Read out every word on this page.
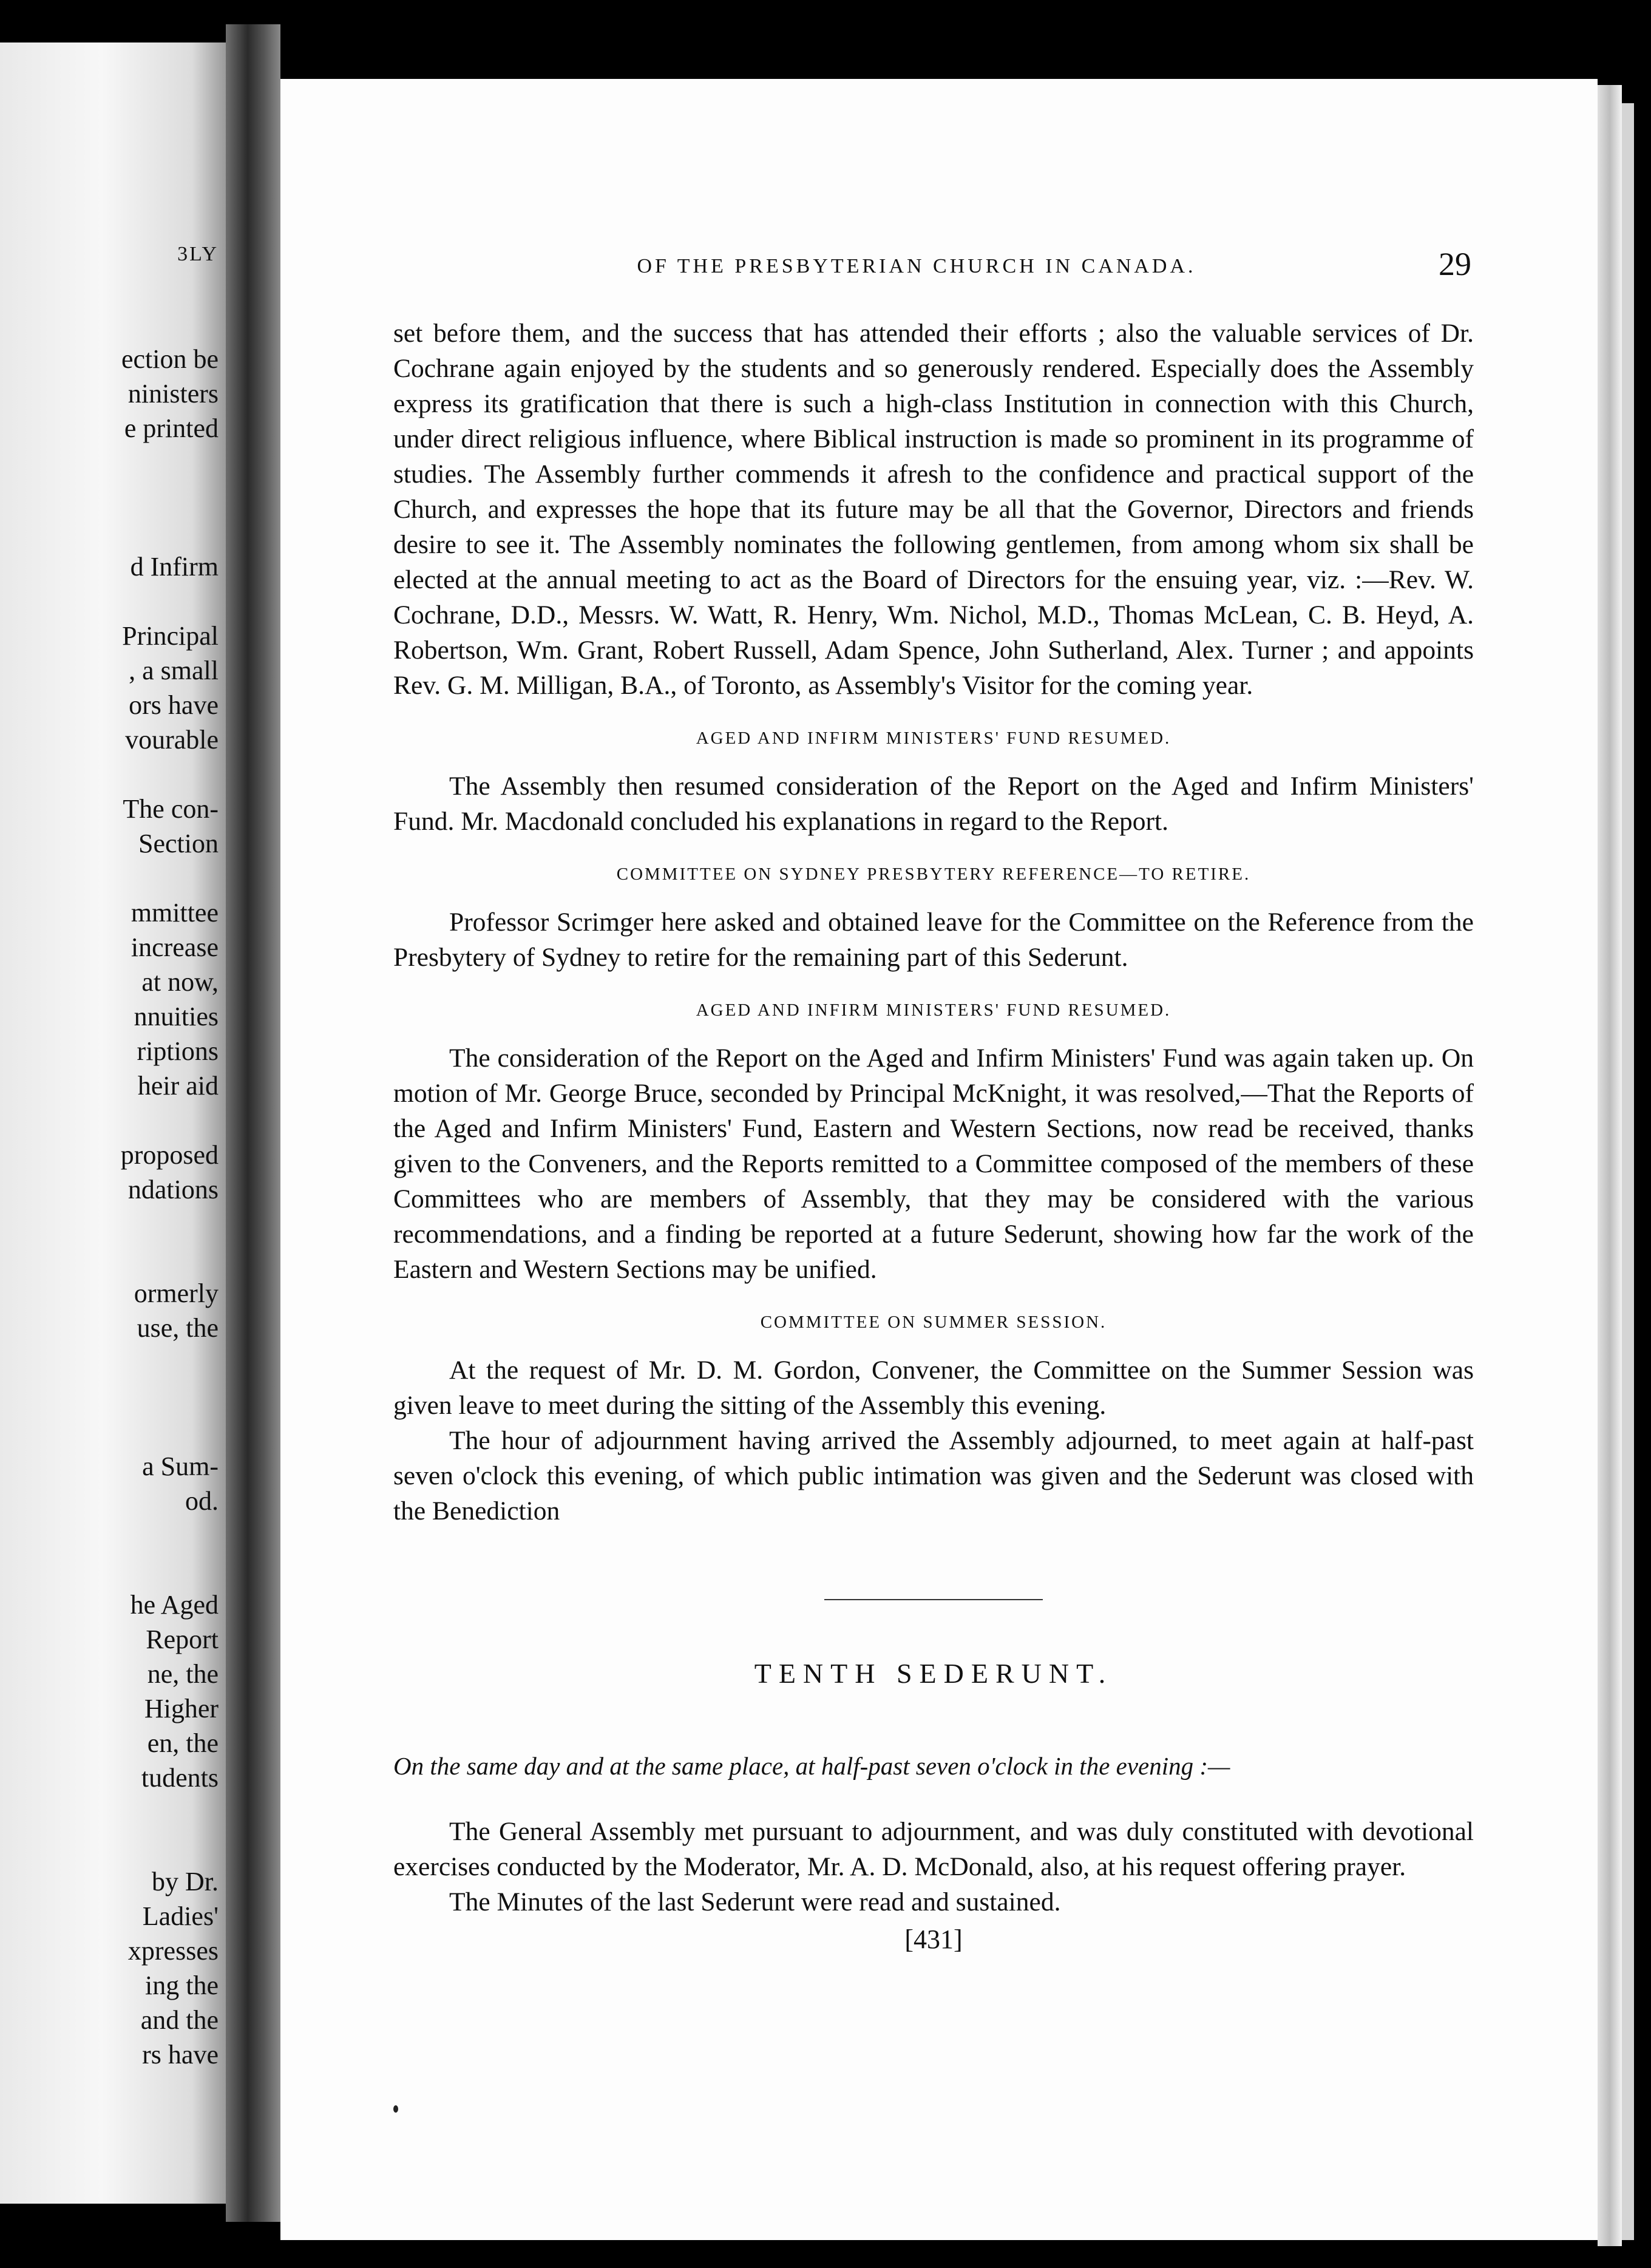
3LY
ection be
ninisters
e printed
d Infirm
Principal
, a small
ors have
vourable
The con-
Section
mmittee
increase
at now,
nnuities
riptions
heir aid
proposed
ndations
ormerly
use, the
a Sum-
od.
he Aged
Report
ne, the
Higher
en, the
tudents
by Dr.
Ladies'
xpresses
ing the
and the
rs have
OF THE PRESBYTERIAN CHURCH IN CANADA.	29

set before them, and the success that has attended their efforts ; also the valuable services of Dr. Cochrane again enjoyed by the students and so generously rendered. Especially does the Assembly express its gratification that there is such a high-class Institution in connection with this Church, under direct religious influence, where Biblical instruction is made so prominent in its programme of studies. The Assembly further commends it afresh to the confidence and practical support of the Church, and expresses the hope that its future may be all that the Governor, Directors and friends desire to see it. The Assembly nominates the following gentlemen, from among whom six shall be elected at the annual meeting to act as the Board of Directors for the ensuing year, viz. :—Rev. W. Cochrane, D.D., Messrs. W. Watt, R. Henry, Wm. Nichol, M.D., Thomas McLean, C. B. Heyd, A. Robertson, Wm. Grant, Robert Russell, Adam Spence, John Sutherland, Alex. Turner ; and appoints Rev. G. M. Milligan, B.A., of Toronto, as Assembly's Visitor for the coming year.

AGED AND INFIRM MINISTERS' FUND RESUMED.

The Assembly then resumed consideration of the Report on the Aged and Infirm Ministers' Fund. Mr. Macdonald concluded his explanations in regard to the Report.

COMMITTEE ON SYDNEY PRESBYTERY REFERENCE—TO RETIRE.

Professor Scrimger here asked and obtained leave for the Committee on the Reference from the Presbytery of Sydney to retire for the remaining part of this Sederunt.

AGED AND INFIRM MINISTERS' FUND RESUMED.

The consideration of the Report on the Aged and Infirm Ministers' Fund was again taken up. On motion of Mr. George Bruce, seconded by Principal McKnight, it was resolved,—That the Reports of the Aged and Infirm Ministers' Fund, Eastern and Western Sections, now read be received, thanks given to the Conveners, and the Reports remitted to a Committee composed of the members of these Committees who are members of Assembly, that they may be considered with the various recommendations, and a finding be reported at a future Sederunt, showing how far the work of the Eastern and Western Sections may be unified.

COMMITTEE ON SUMMER SESSION.

At the request of Mr. D. M. Gordon, Convener, the Committee on the Summer Session was given leave to meet during the sitting of the Assembly this evening.

The hour of adjournment having arrived the Assembly adjourned, to meet again at half-past seven o'clock this evening, of which public intimation was given and the Sederunt was closed with the Benediction

TENTH SEDERUNT.

On the same day and at the same place, at half-past seven o'clock in the evening :—

The General Assembly met pursuant to adjournment, and was duly constituted with devotional exercises conducted by the Moderator, Mr. A. D. McDonald, also, at his request offering prayer.

The Minutes of the last Sederunt were read and sustained.

[431]
